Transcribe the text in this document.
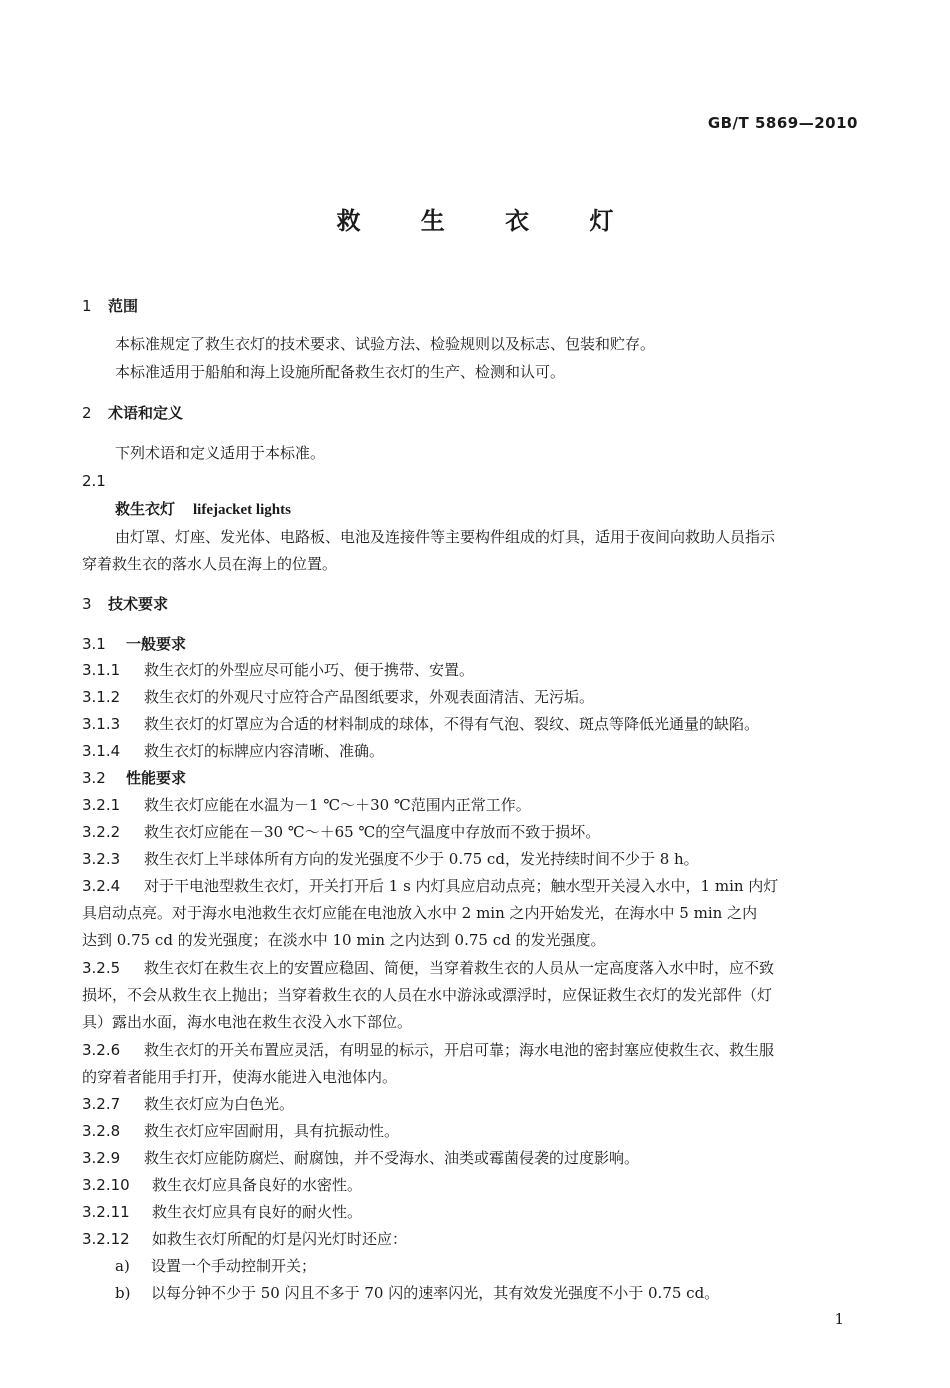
GB/T 5869—2010
救 生 衣 灯
1 范围
本标准规定了救生衣灯的技术要求、试验方法、检验规则以及标志、包装和贮存。
本标准适用于船舶和海上设施所配备救生衣灯的生产、检测和认可。
2 术语和定义
下列术语和定义适用于本标准。
2.1
救生衣灯 lifejacket lights
由灯罩、灯座、发光体、电路板、电池及连接件等主要构件组成的灯具，适用于夜间向救助人员指示
穿着救生衣的落水人员在海上的位置。
3 技术要求
3.1 一般要求
3.1.1 救生衣灯的外型应尽可能小巧、便于携带、安置。
3.1.2 救生衣灯的外观尺寸应符合产品图纸要求，外观表面清洁、无污垢。
3.1.3 救生衣灯的灯罩应为合适的材料制成的球体，不得有气泡、裂纹、斑点等降低光通量的缺陷。
3.1.4 救生衣灯的标牌应内容清晰、准确。
3.2 性能要求
3.2.1 救生衣灯应能在水温为－1 ℃～＋30 ℃范围内正常工作。
3.2.2 救生衣灯应能在－30 ℃～＋65 ℃的空气温度中存放而不致于损坏。
3.2.3 救生衣灯上半球体所有方向的发光强度不少于 0.75 cd，发光持续时间不少于 8 h。
3.2.4 对于干电池型救生衣灯，开关打开后 1 s 内灯具应启动点亮；触水型开关浸入水中，1 min 内灯
具启动点亮。对于海水电池救生衣灯应能在电池放入水中 2 min 之内开始发光，在海水中 5 min 之内
达到 0.75 cd 的发光强度；在淡水中 10 min 之内达到 0.75 cd 的发光强度。
3.2.5 救生衣灯在救生衣上的安置应稳固、简便，当穿着救生衣的人员从一定高度落入水中时，应不致
损坏，不会从救生衣上抛出；当穿着救生衣的人员在水中游泳或漂浮时，应保证救生衣灯的发光部件（灯
具）露出水面，海水电池在救生衣没入水下部位。
3.2.6 救生衣灯的开关布置应灵活，有明显的标示，开启可靠；海水电池的密封塞应使救生衣、救生服
的穿着者能用手打开，使海水能进入电池体内。
3.2.7 救生衣灯应为白色光。
3.2.8 救生衣灯应牢固耐用，具有抗振动性。
3.2.9 救生衣灯应能防腐烂、耐腐蚀，并不受海水、油类或霉菌侵袭的过度影响。
3.2.10 救生衣灯应具备良好的水密性。
3.2.11 救生衣灯应具有良好的耐火性。
3.2.12 如救生衣灯所配的灯是闪光灯时还应：
a) 设置一个手动控制开关；
b) 以每分钟不少于 50 闪且不多于 70 闪的速率闪光，其有效发光强度不小于 0.75 cd。
1
